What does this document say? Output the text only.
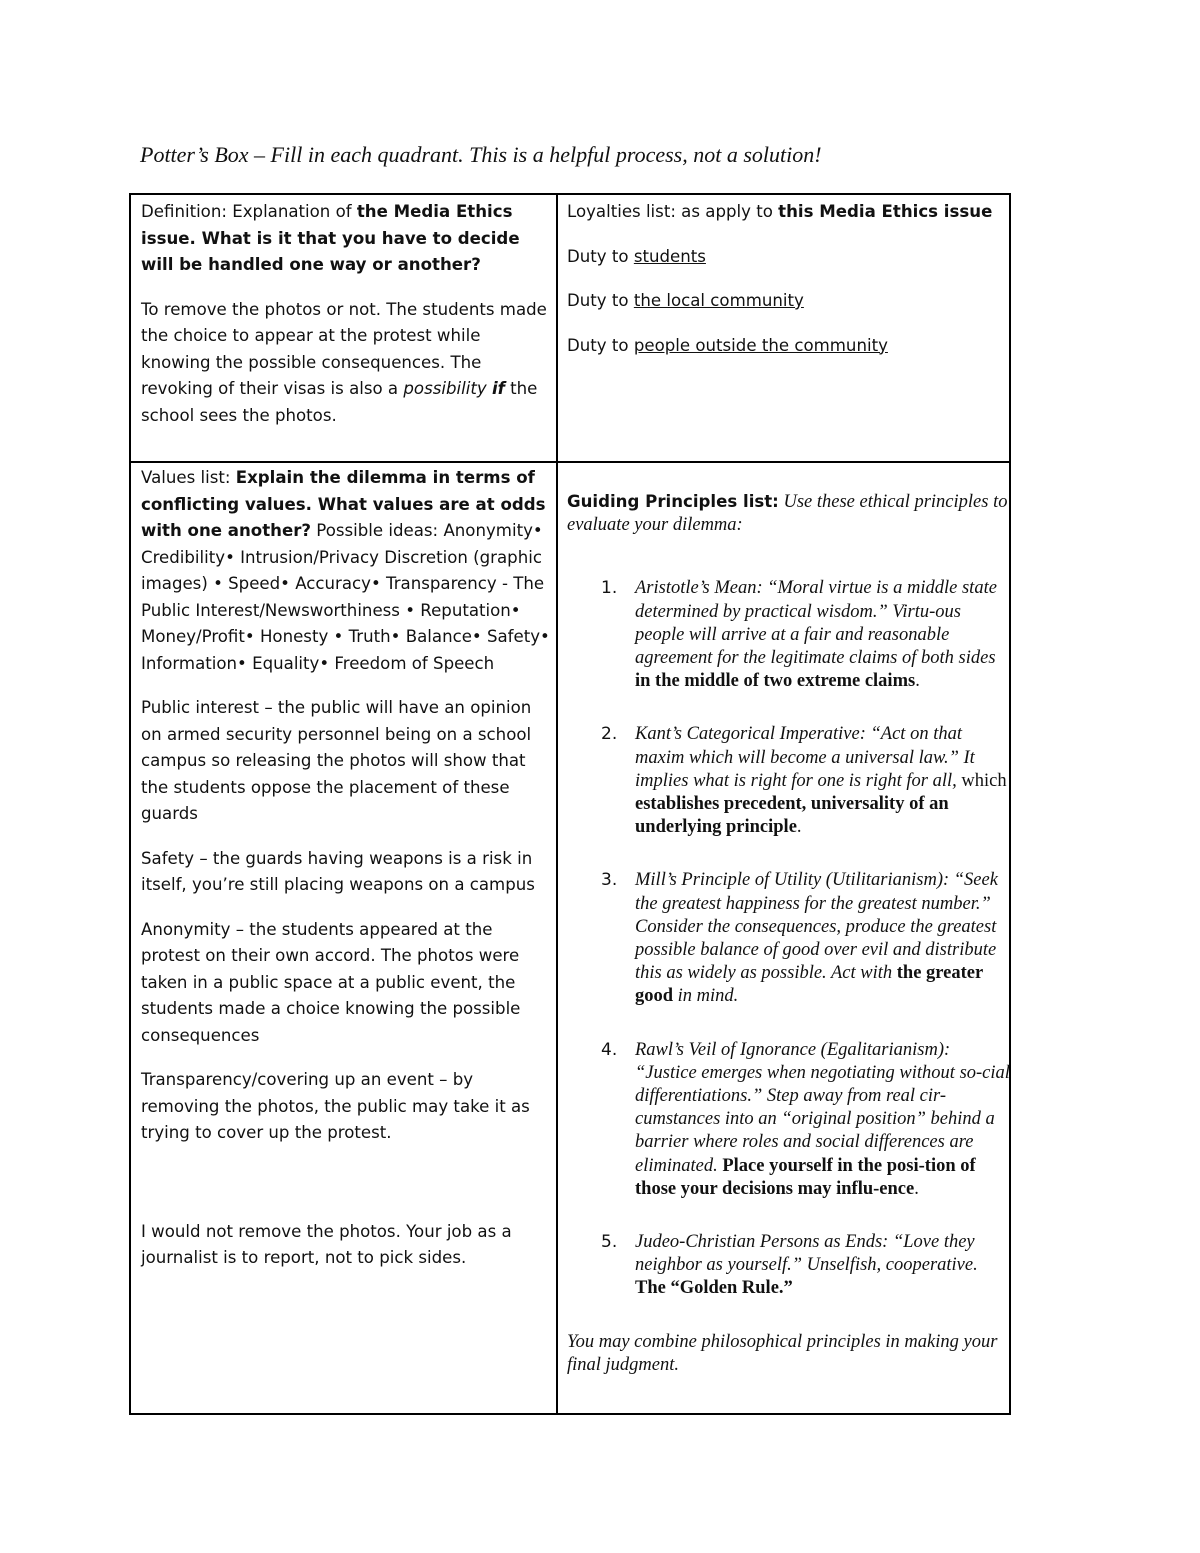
Potter’s Box – Fill in each quadrant. This is a helpful process, not a solution!

Definition: Explanation of the Media Ethics issue. What is it that you have to decide will be handled one way or another?

To remove the photos or not. The students made the choice to appear at the protest while knowing the possible consequences. The revoking of their visas is also a possibility if the school sees the photos.

Loyalties list: as apply to this Media Ethics issue

Duty to students

Duty to the local community

Duty to people outside the community

Values list: Explain the dilemma in terms of conflicting values. What values are at odds with one another? Possible ideas: Anonymity• Credibility• Intrusion/Privacy Discretion (graphic images) • Speed• Accuracy• Transparency - The Public Interest/Newsworthiness • Reputation• Money/Profit• Honesty • Truth• Balance• Safety• Information• Equality• Freedom of Speech

Public interest – the public will have an opinion on armed security personnel being on a school campus so releasing the photos will show that the students oppose the placement of these guards

Safety – the guards having weapons is a risk in itself, you’re still placing weapons on a campus

Anonymity – the students appeared at the protest on their own accord. The photos were taken in a public space at a public event, the students made a choice knowing the possible consequences

Transparency/covering up an event – by removing the photos, the public may take it as trying to cover up the protest.

I would not remove the photos. Your job as a journalist is to report, not to pick sides.

Guiding Principles list: Use these ethical principles to evaluate your dilemma:

1. Aristotle’s Mean: “Moral virtue is a middle state determined by practical wisdom.” Virtu-ous people will arrive at a fair and reasonable agreement for the legitimate claims of both sides in the middle of two extreme claims.
2. Kant’s Categorical Imperative: “Act on that maxim which will become a universal law.” It implies what is right for one is right for all, which establishes precedent, universality of an underlying principle.
3. Mill’s Principle of Utility (Utilitarianism): “Seek the greatest happiness for the greatest number.” Consider the consequences, produce the greatest possible balance of good over evil and distribute this as widely as possible. Act with the greater good in mind.
4. Rawl’s Veil of Ignorance (Egalitarianism): “Justice emerges when negotiating without so-cial differentiations.” Step away from real cir-cumstances into an “original position” behind a barrier where roles and social differences are eliminated. Place yourself in the posi-tion of those your decisions may influ-ence.
5. Judeo-Christian Persons as Ends: “Love they neighbor as yourself.” Unselfish, cooperative. The “Golden Rule.”

You may combine philosophical principles in making your final judgment.
